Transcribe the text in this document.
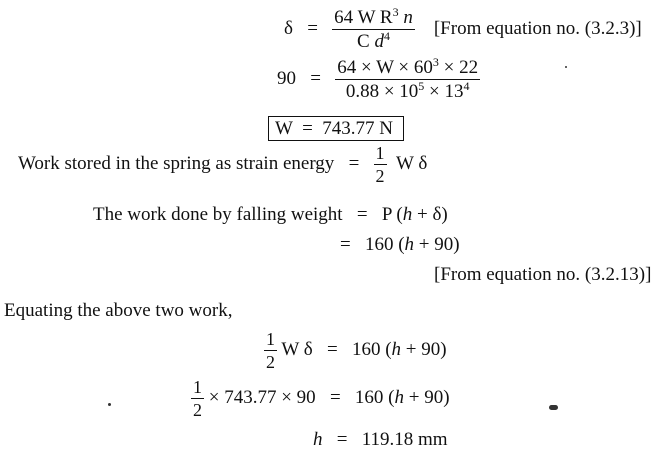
$\delta = \frac{64 W R^3 n}{C d^4}$ [From equation no. (3.2.3)]
$90 = \frac{64 \times W \times 60^3 \times 22}{0.88 \times 10^5 \times 13^4}$
W  =  743.77 N
Work stored in the spring as strain energy = $\frac{1}{2}$ W δ
The work done by falling weight = P (h + δ)
= 160 (h + 90)
[From equation no. (3.2.13)]
Equating the above two work,
$\frac{1}{2}$ W δ = 160 (h + 90)
$\frac{1}{2} \times 743.77 \times 90 = 160$ (h + 90)
h = 119.18 mm
